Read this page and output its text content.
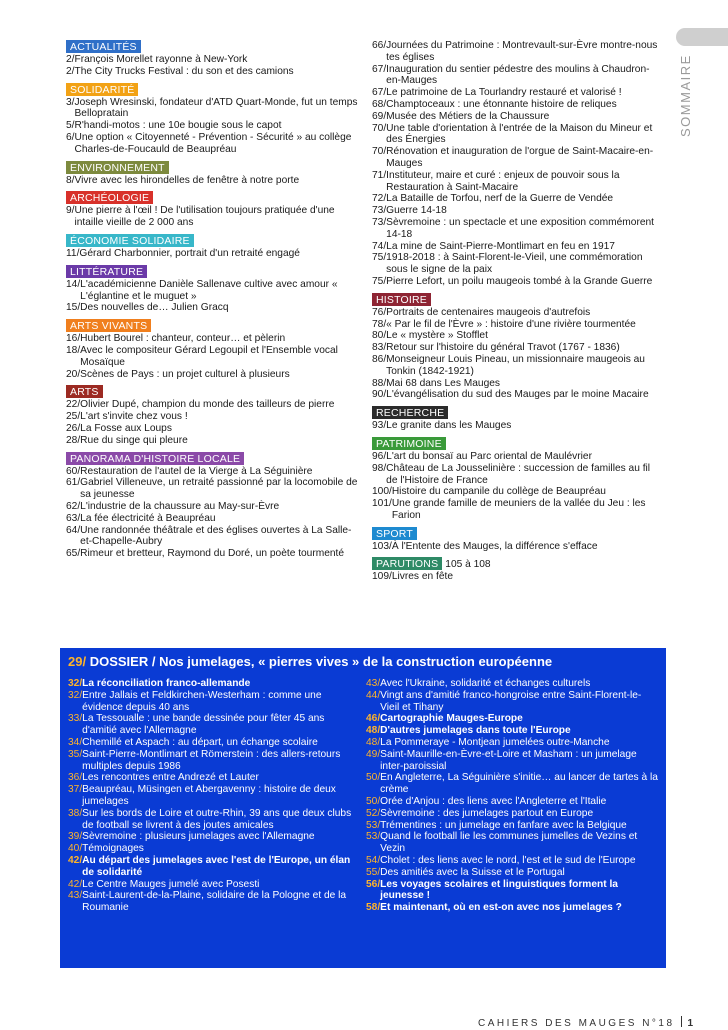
SOMMAIRE
ACTUALITÉS
2/ François Morellet rayonne à New-York
2/ The City Trucks Festival : du son et des camions
SOLIDARITÉ
3/ Joseph Wresinski, fondateur d'ATD Quart-Monde, fut un temps Bellopratain
5/ R'handi-motos : une 10e bougie sous le capot
6/ Une option « Citoyenneté - Prévention - Sécurité » au collège Charles-de-Foucauld de Beaupréau
ENVIRONNEMENT
8/ Vivre avec les hirondelles de fenêtre à notre porte
ARCHÉOLOGIE
9/ Une pierre à l'œil ! De l'utilisation toujours pratiquée d'une intaille vieille de 2 000 ans
ÉCONOMIE SOLIDAIRE
11/ Gérard Charbonnier, portrait d'un retraité engagé
LITTÉRATURE
14/ L'académicienne Danièle Sallenave cultive avec amour « L'églantine et le muguet »
15/ Des nouvelles de… Julien Gracq
ARTS VIVANTS
16/ Hubert Bourel : chanteur, conteur… et pèlerin
18/ Avec le compositeur Gérard Legoupil et l'Ensemble vocal Mosaïque
20/ Scènes de Pays : un projet culturel à plusieurs
ARTS
22/ Olivier Dupé, champion du monde des tailleurs de pierre
25/ L'art s'invite chez vous !
26/ La Fosse aux Loups
28/ Rue du singe qui pleure
PANORAMA D'HISTOIRE LOCALE
60/ Restauration de l'autel de la Vierge à La Séguinière
61/ Gabriel Villeneuve, un retraité passionné par la locomobile de sa jeunesse
62/ L'industrie de la chaussure au May-sur-Èvre
63/ La fée électricité à Beaupréau
64/ Une randonnée théâtrale et des églises ouvertes à La Salle-et-Chapelle-Aubry
65/ Rimeur et bretteur, Raymond du Doré, un poète tourmenté
66/ Journées du Patrimoine : Montrevault-sur-Èvre montre-nous tes églises
67/ Inauguration du sentier pédestre des moulins à Chaudron-en-Mauges
67/ Le patrimoine de La Tourlandry restauré et valorisé !
68/ Champtoceaux : une étonnante histoire de reliques
69/ Musée des Métiers de la Chaussure
70/ Une table d'orientation à l'entrée de la Maison du Mineur et des Énergies
70/ Rénovation et inauguration de l'orgue de Saint-Macaire-en-Mauges
71/ Instituteur, maire et curé : enjeux de pouvoir sous la Restauration à Saint-Macaire
72/ La Bataille de Torfou, nerf de la Guerre de Vendée
73/ Guerre 14-18
73/ Sèvremoine : un spectacle et une exposition commémorent 14-18
74/ La mine de Saint-Pierre-Montlimart en feu en 1917
75/ 1918-2018 : à Saint-Florent-le-Vieil, une commémoration sous le signe de la paix
75/ Pierre Lefort, un poilu maugeois tombé à la Grande Guerre
HISTOIRE
76/ Portraits de centenaires maugeois d'autrefois
78/ « Par le fil de l'Èvre » : histoire d'une rivière tourmentée
80/ Le « mystère » Stofflet
83/ Retour sur l'histoire du général Travot (1767 - 1836)
86/ Monseigneur Louis Pineau, un missionnaire maugeois au Tonkin (1842-1921)
88/ Mai 68 dans Les Mauges
90/ L'évangélisation du sud des Mauges par le moine Macaire
RECHERCHE
93/ Le granite dans les Mauges
PATRIMOINE
96/ L'art du bonsaï au Parc oriental de Maulévrier
98/ Château de La Jousselinière : succession de familles au fil de l'Histoire de France
100/ Histoire du campanile du collège de Beaupréau
101/ Une grande famille de meuniers de la vallée du Jeu : les Farion
SPORT
103/ À l'Entente des Mauges, la différence s'efface
PARUTIONS 105 à 108
109/ Livres en fête
29/ DOSSIER / Nos jumelages, « pierres vives » de la construction européenne
32/ La réconciliation franco-allemande
32/ Entre Jallais et Feldkirchen-Westerham : comme une évidence depuis 40 ans
33/ La Tessoualle : une bande dessinée pour fêter 45 ans d'amitié avec l'Allemagne
34/ Chemillé et Aspach : au départ, un échange scolaire
35/ Saint-Pierre-Montlimart et Römerstein : des allers-retours multiples depuis 1986
36/ Les rencontres entre Andrezé et Lauter
37/ Beaupréau, Müsingen et Abergavenny : histoire de deux jumelages
38/ Sur les bords de Loire et outre-Rhin, 39 ans que deux clubs de football se livrent à des joutes amicales
39/ Sèvremoine : plusieurs jumelages avec l'Allemagne
40/ Témoignages
42/ Au départ des jumelages avec l'est de l'Europe, un élan de solidarité
42/ Le Centre Mauges jumelé avec Posesti
43/ Saint-Laurent-de-la-Plaine, solidaire de la Pologne et de la Roumanie
43/ Avec l'Ukraine, solidarité et échanges culturels
44/ Vingt ans d'amitié franco-hongroise entre Saint-Florent-le-Vieil et Tihany
46/ Cartographie Mauges-Europe
48/ D'autres jumelages dans toute l'Europe
48/ La Pommeraye - Montjean jumelées outre-Manche
49/ Saint-Maurille-en-Èvre-et-Loire et Masham : un jumelage inter-paroissial
50/ En Angleterre, La Séguinière s'initie… au lancer de tartes à la crème
50/ Orée d'Anjou : des liens avec l'Angleterre et l'Italie
52/ Sèvremoine : des jumelages partout en Europe
53/ Trémentines : un jumelage en fanfare avec la Belgique
53/ Quand le football lie les communes jumelles de Vezins et Vezin
54/ Cholet : des liens avec le nord, l'est et le sud de l'Europe
55/ Des amitiés avec la Suisse et le Portugal
56/ Les voyages scolaires et linguistiques forment la jeunesse !
58/ Et maintenant, où en est-on avec nos jumelages ?
CAHIERS DES MAUGES N°18 1
